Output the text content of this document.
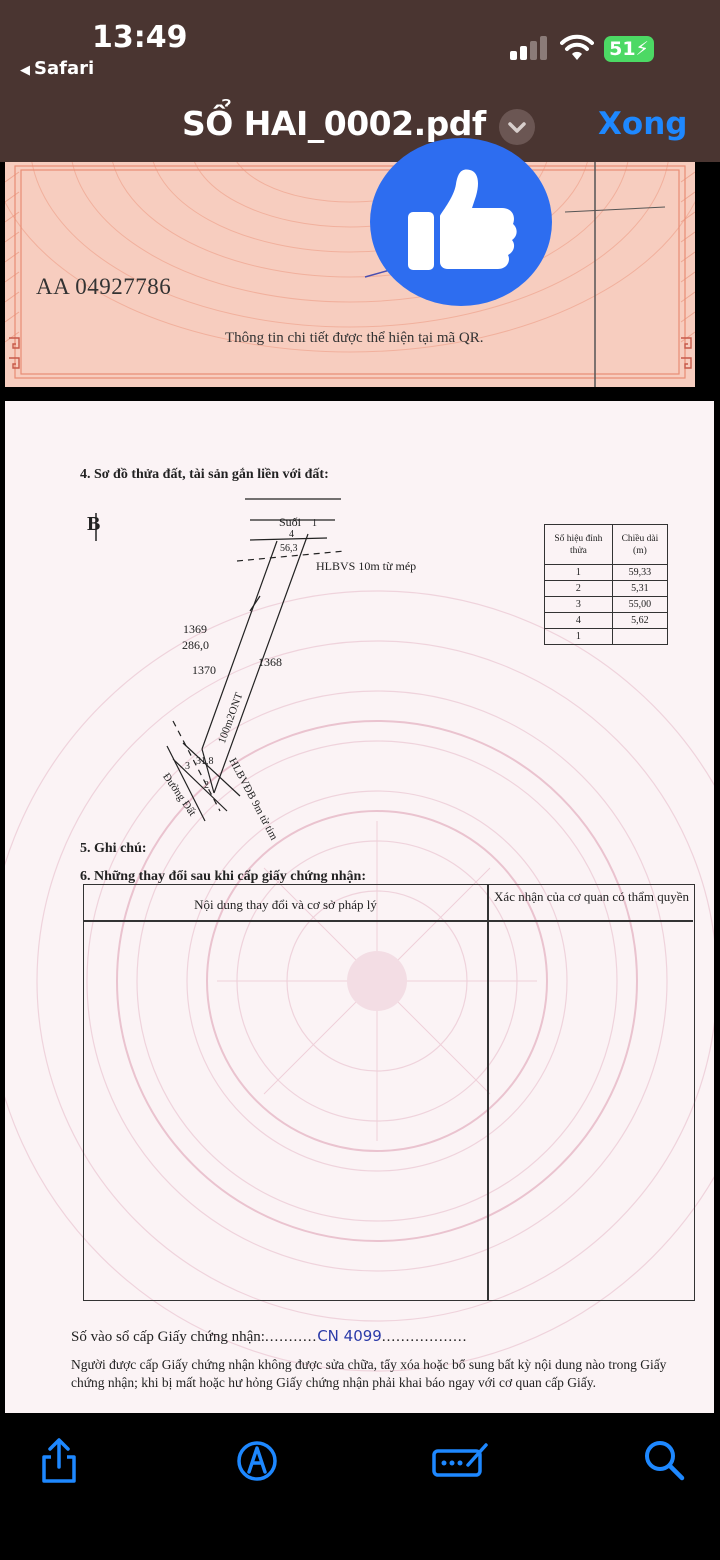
13:49
◀ Safari
51⚡
SỔ HAI_0002.pdf	Xong
AA 04927786
Thông tin chi tiết được thể hiện tại mã QR.
4. Sơ đồ thửa đất, tài sản gắn liền với đất:
B	Suối 1
4
56,3
HLBVS 10m từ mép
1369
286,0
1370
1368
100m2ONT
3 31,8
2 HLBVĐB 9m từ tim
Đường Đất
Số hiệu đỉnh thửa	Chiều dài (m)
1	59,33
2	5,31
3	55,00
4	5,62
1	
5. Ghi chú:
6. Những thay đổi sau khi cấp giấy chứng nhận:
Nội dung thay đổi và cơ sở pháp lý
Xác nhận của cơ quan có thẩm quyền
Số vào sổ cấp Giấy chứng nhận:...........CN 4099..................
Người được cấp Giấy chứng nhận không được sửa chữa, tẩy xóa hoặc bổ sung bất kỳ nội dung nào trong Giấy chứng nhận; khi bị mất hoặc hư hỏng Giấy chứng nhận phải khai báo ngay với cơ quan cấp Giấy.
